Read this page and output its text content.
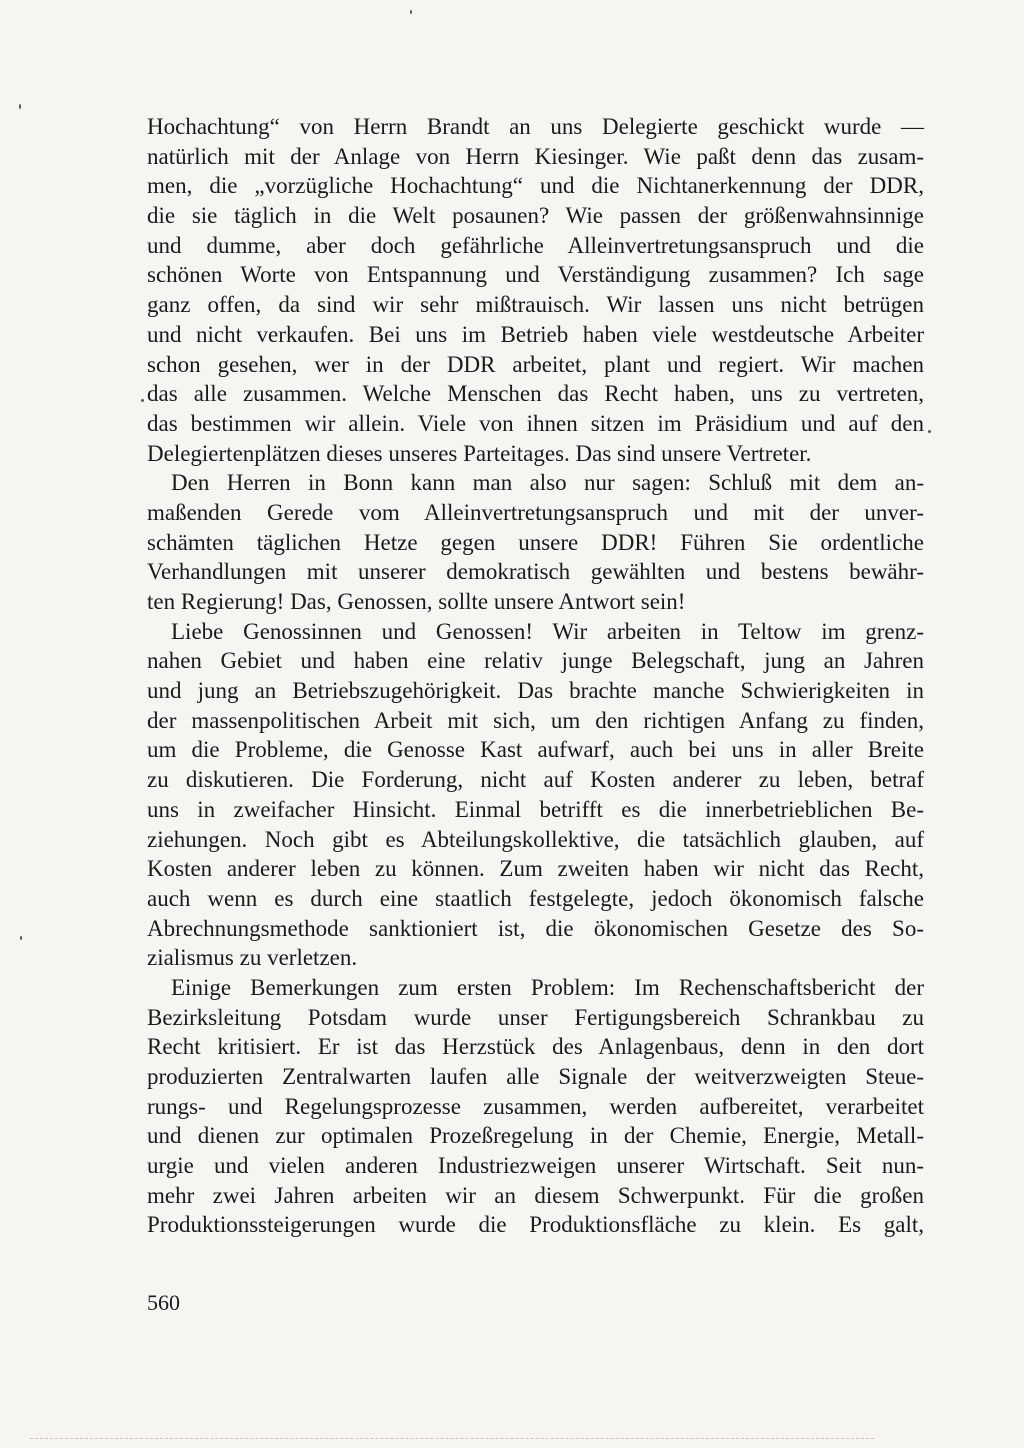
Hochachtung“ von Herrn Brandt an uns Delegierte geschickt wurde —
natürlich mit der Anlage von Herrn Kiesinger. Wie paßt denn das zusam-
men, die „vorzügliche Hochachtung“ und die Nichtanerkennung der DDR,
die sie täglich in die Welt posaunen? Wie passen der größenwahnsinnige
und dumme, aber doch gefährliche Alleinvertretungsanspruch und die
schönen Worte von Entspannung und Verständigung zusammen? Ich sage
ganz offen, da sind wir sehr mißtrauisch. Wir lassen uns nicht betrügen
und nicht verkaufen. Bei uns im Betrieb haben viele westdeutsche Arbeiter
schon gesehen, wer in der DDR arbeitet, plant und regiert. Wir machen
das alle zusammen. Welche Menschen das Recht haben, uns zu vertreten,
das bestimmen wir allein. Viele von ihnen sitzen im Präsidium und auf den
Delegiertenplätzen dieses unseres Parteitages. Das sind unsere Vertreter.
Den Herren in Bonn kann man also nur sagen: Schluß mit dem an-
maßenden Gerede vom Alleinvertretungsanspruch und mit der unver-
schämten täglichen Hetze gegen unsere DDR! Führen Sie ordentliche
Verhandlungen mit unserer demokratisch gewählten und bestens bewähr-
ten Regierung! Das, Genossen, sollte unsere Antwort sein!
Liebe Genossinnen und Genossen! Wir arbeiten in Teltow im grenz-
nahen Gebiet und haben eine relativ junge Belegschaft, jung an Jahren
und jung an Betriebszugehörigkeit. Das brachte manche Schwierigkeiten in
der massenpolitischen Arbeit mit sich, um den richtigen Anfang zu finden,
um die Probleme, die Genosse Kast aufwarf, auch bei uns in aller Breite
zu diskutieren. Die Forderung, nicht auf Kosten anderer zu leben, betraf
uns in zweifacher Hinsicht. Einmal betrifft es die innerbetrieblichen Be-
ziehungen. Noch gibt es Abteilungskollektive, die tatsächlich glauben, auf
Kosten anderer leben zu können. Zum zweiten haben wir nicht das Recht,
auch wenn es durch eine staatlich festgelegte, jedoch ökonomisch falsche
Abrechnungsmethode sanktioniert ist, die ökonomischen Gesetze des So-
zialismus zu verletzen.
Einige Bemerkungen zum ersten Problem: Im Rechenschaftsbericht der
Bezirksleitung Potsdam wurde unser Fertigungsbereich Schrankbau zu
Recht kritisiert. Er ist das Herzstück des Anlagenbaus, denn in den dort
produzierten Zentralwarten laufen alle Signale der weitverzweigten Steue-
rungs- und Regelungsprozesse zusammen, werden aufbereitet, verarbeitet
und dienen zur optimalen Prozeßregelung in der Chemie, Energie, Metall-
urgie und vielen anderen Industriezweigen unserer Wirtschaft. Seit nun-
mehr zwei Jahren arbeiten wir an diesem Schwerpunkt. Für die großen
Produktionssteigerungen wurde die Produktionsfläche zu klein. Es galt,
560
